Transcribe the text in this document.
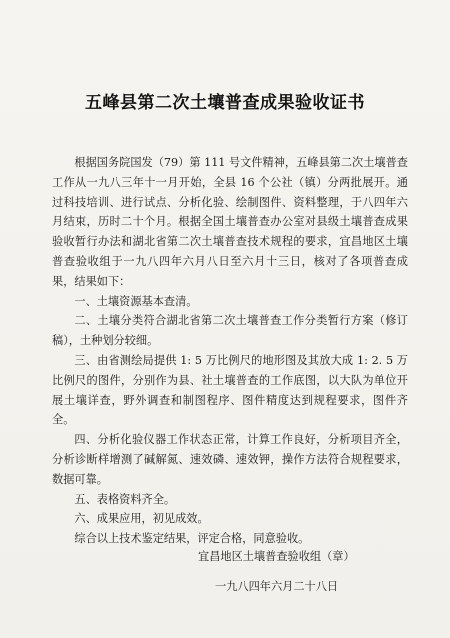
五峰县第二次土壤普查成果验收证书

根据国务院国发（79）第 111 号文件精神，五峰县第二次土壤普查工作从一九八三年十一月开始，全县 16 个公社（镇）分两批展开。通过科技培训、进行试点、分析化验、绘制图件、资料整理，于八四年六月结束，历时二十个月。根据全国土壤普查办公室对县级土壤普查成果验收暂行办法和湖北省第二次土壤普查技术规程的要求，宜昌地区土壤普查验收组于一九八四年六月八日至六月十三日，核对了各项普查成果，结果如下：

一、土壤资源基本查清。

二、土壤分类符合湖北省第二次土壤普查工作分类暂行方案（修订稿），土种划分较细。

三、由省测绘局提供 1: 5 万比例尺的地形图及其放大成 1: 2. 5 万比例尺的图件，分别作为县、社土壤普查的工作底图，以大队为单位开展土壤详查，野外调查和制图程序、图件精度达到规程要求，图件齐全。

四、分析化验仪器工作状态正常，计算工作良好，分析项目齐全，分析诊断样增测了碱解氮、速效磷、速效钾，操作方法符合规程要求，数据可靠。

五、表格资料齐全。

六、成果应用，初见成效。

综合以上技术鉴定结果，评定合格，同意验收。

宜昌地区土壤普查验收组（章）
一九八四年六月二十八日
